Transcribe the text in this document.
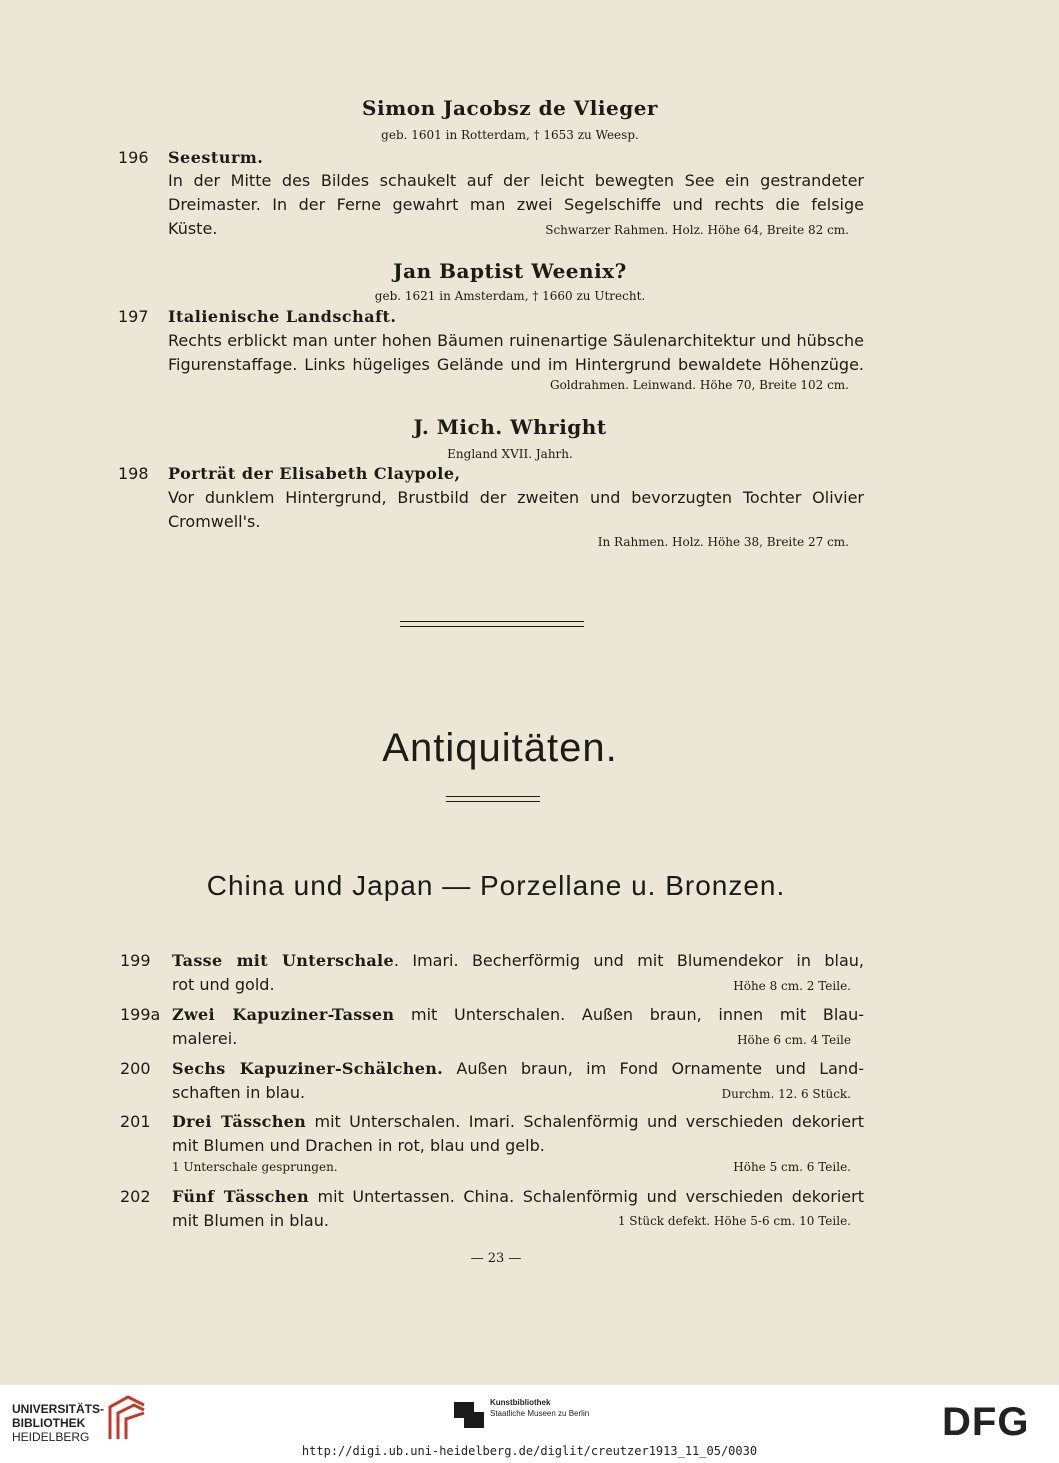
Simon Jacobsz de Vlieger
geb. 1601 in Rotterdam, † 1653 zu Weesp.
196 Seesturm.
In der Mitte des Bildes schaukelt auf der leicht bewegten See ein gestrandeter
Dreimaster. In der Ferne gewahrt man zwei Segelschiffe und rechts die felsige
Küste.	Schwarzer Rahmen. Holz. Höhe 64, Breite 82 cm.
Jan Baptist Weenix?
geb. 1621 in Amsterdam, † 1660 zu Utrecht.
197 Italienische Landschaft.
Rechts erblickt man unter hohen Bäumen ruinenartige Säulenarchitektur und hübsche
Figurenstaffage. Links hügeliges Gelände und im Hintergrund bewaldete Höhenzüge.
Goldrahmen. Leinwand. Höhe 70, Breite 102 cm.
J. Mich. Whright
England XVII. Jahrh.
198 Porträt der Elisabeth Claypole,
Vor dunklem Hintergrund, Brustbild der zweiten und bevorzugten Tochter Olivier
Cromwell's.
In Rahmen. Holz. Höhe 38, Breite 27 cm.
Antiquitäten.
China und Japan — Porzellane u. Bronzen.
199 Tasse mit Unterschale. Imari. Becherförmig und mit Blumendekor in blau,
rot und gold.	Höhe 8 cm. 2 Teile.
199a Zwei Kapuziner-Tassen mit Unterschalen. Außen braun, innen mit Blau-
malerei.	Höhe 6 cm. 4 Teile
200 Sechs Kapuziner-Schälchen. Außen braun, im Fond Ornamente und Land-
schaften in blau.	Durchm. 12. 6 Stück.
201 Drei Tässchen mit Unterschalen. Imari. Schalenförmig und verschieden dekoriert
mit Blumen und Drachen in rot, blau und gelb.
1 Unterschale gesprungen.	Höhe 5 cm. 6 Teile.
202 Fünf Tässchen mit Untertassen. China. Schalenförmig und verschieden dekoriert
mit Blumen in blau.	1 Stück defekt. Höhe 5-6 cm. 10 Teile.
— 23 —
UNIVERSITÄTS-
BIBLIOTHEK
HEIDELBERG
Kunstbibliothek
Staatliche Museen zu Berlin	DFG
http://digi.ub.uni-heidelberg.de/diglit/creutzer1913_11_05/0030
